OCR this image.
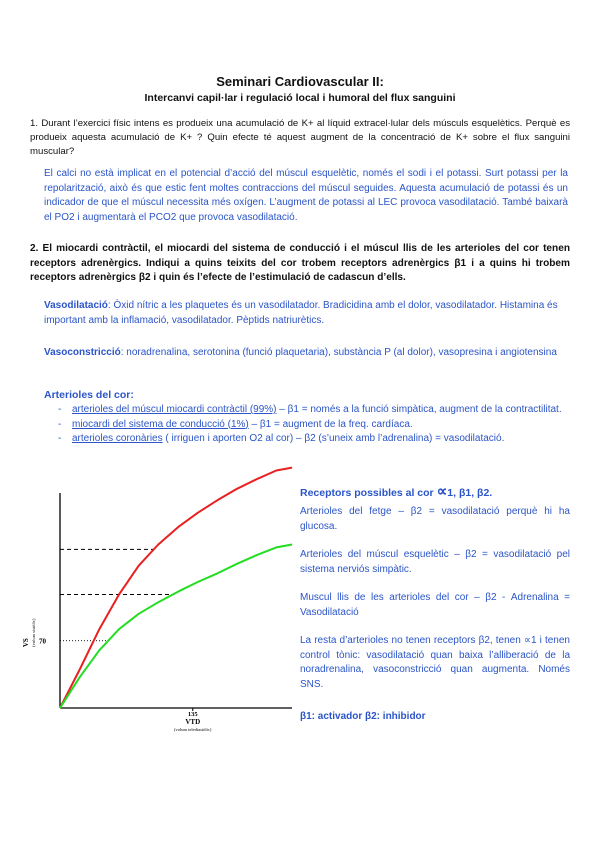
Seminari Cardiovascular II:
Intercanvi capil·lar i regulació local i humoral del flux sanguini
1. Durant l’exercici físic intens es produeix una acumulació de K+ al líquid extracel·lular dels músculs esquelètics. Perquè es produeix aquesta acumulació de K+ ? Quin efecte té aquest augment de la concentració de K+ sobre el flux sanguini muscular?
El calci no està implicat en el potencial d’acció del múscul esquelètic, només el sodi i el potassi. Surt potassi per la repolarització, això és que estic fent moltes contraccions del múscul seguides. Aquesta acumulació de potassi és un indicador de que el múscul necessita més oxígen. L’augment de potassi al LEC provoca vasodilatació. També baixarà el PO2 i augmentarà el PCO2 que provoca vasodilatació.
2. El miocardi contràctil, el miocardi del sistema de conducció i el múscul llis de les arterioles del cor tenen receptors adrenèrgics. Indiqui a quins teixits del cor trobem receptors adrenèrgics β1 i a quins hi trobem receptors adrenèrgics β2 i quin és l’efecte de l’estimulació de cadascun d’ells.
Vasodilatació: Òxid nítric a les plaquetes és un vasodilatador. Bradicidina amb el dolor, vasodilatador. Histamina és important amb la inflamació, vasodilatador. Pèptids natriurètics.
Vasoconstricció: noradrenalina, serotonina (funció plaquetaria), substància P (al dolor), vasopresina i angiotensina
Arterioles del cor:
- arterioles del múscul miocardi contràctil (99%) – β1 = només a la funció simpàtica, augment de la contractilitat.
- miocardi del sistema de conducció (1%) – β1 = augment de la freq. cardíaca.
- arterioles coronàries ( irriguen i aporten O2 al cor) – β2 (s’uneix amb l’adrenalina) = vasodilatació.
135
70
VTD
(volum telediastòlic)
VS (volum sistòlic)
Receptors possibles al cor ∝1, β1, β2.
Arterioles del fetge – β2 = vasodilatació perquè hi ha glucosa.
Arterioles del múscul esquelètic – β2 = vasodilatació pel sistema nerviós simpàtic.
Muscul llis de les arterioles del cor – β2 - Adrenalina = Vasodilatació
La resta d’arterioles no tenen receptors β2, tenen ∝1 i tenen control tònic: vasodilatació quan baixa l’alliberació de la noradrenalina, vasoconstricció quan augmenta. Només SNS.
β1: activador β2: inhibidor
